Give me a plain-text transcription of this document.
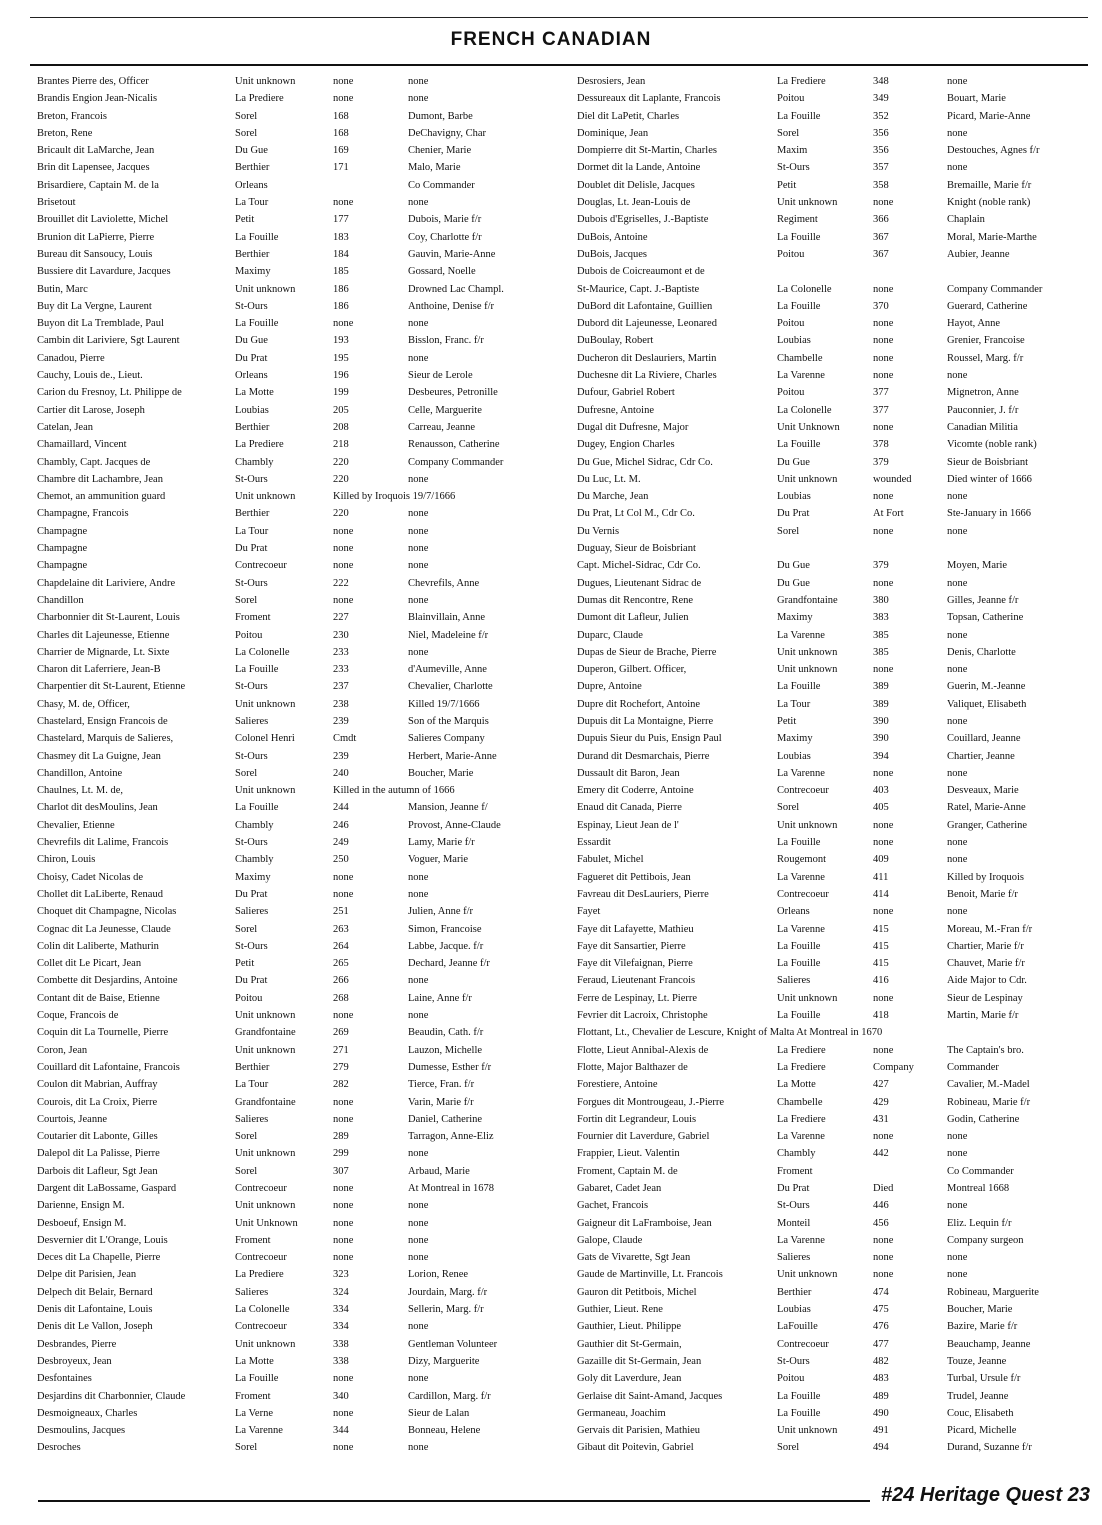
FRENCH CANADIAN
Brantes Pierre des, Officer	Unit unknown	none	none
Brandis Engion Jean-Nicalis	La Prediere	none	none
Breton, Francois	Sorel	168	Dumont, Barbe
Breton, Rene	Sorel	168	DeChavigny, Char
Bricault dit LaMarche, Jean	Du Gue	169	Chenier, Marie
Brin dit Lapensee, Jacques	Berthier	171	Malo, Marie
Brisardiere, Captain M. de la	Orleans	Co Commander
Brisetout	La Tour	none	none
Brouillet dit Laviolette, Michel	Petit	177	Dubois, Marie f/r
Brunion dit LaPierre, Pierre	La Fouille	183	Coy, Charlotte f/r
Bureau dit Sansoucy, Louis	Berthier	184	Gauvin, Marie-Anne
Bussiere dit Lavardure, Jacques	Maximy	185	Gossard, Noelle
Butin, Marc	Unit unknown	186	Drowned Lac Champl.
Buy dit La Vergne, Laurent	St-Ours	186	Anthoine, Denise f/r
Buyon dit La Tremblade, Paul	La Fouille	none	none
Cambin dit Lariviere, Sgt Laurent	Du Gue	193	Bisslon, Franc. f/r
Canadou, Pierre	Du Prat	195	none
Cauchy, Louis de., Lieut.	Orleans	196	Sieur de Lerole
Carion du Fresnoy, Lt. Philippe de	La Motte	199	Desbeures, Petronille
Cartier dit Larose, Joseph	Loubias	205	Celle, Marguerite
Catelan, Jean	Berthier	208	Carreau, Jeanne
Chamaillard, Vincent	La Prediere	218	Renausson, Catherine
Chambly, Capt. Jacques de	Chambly	220	Company Commander
Chambre dit Lachambre, Jean	St-Ours	220	none
Chemot, an ammunition guard	Unit unknown	Killed by Iroquois 19/7/1666
Champagne, Francois	Berthier	220	none
Champagne	La Tour	none	none
Champagne	Du Prat	none	none
Champagne	Contrecoeur	none	none
Chapdelaine dit Lariviere, Andre	St-Ours	222	Chevrefils, Anne
Chandillon	Sorel	none	none
Charbonnier dit St-Laurent, Louis	Froment	227	Blainvillain, Anne
Charles dit Lajeunesse, Etienne	Poitou	230	Niel, Madeleine f/r
Charrier de Mignarde, Lt. Sixte	La Colonelle	233	none
Charon dit Laferriere, Jean-B	La Fouille	233	d'Aumeville, Anne
Charpentier dit St-Laurent, Etienne	St-Ours	237	Chevalier, Charlotte
Chasy, M. de, Officer,	Unit unknown	238	Killed 19/7/1666
Chastelard, Ensign Francois de	Salieres	239	Son of the Marquis
Chastelard, Marquis de Salieres,	Colonel Henri	Cmdt	Salieres Company
Chasmey dit La Guigne, Jean	St-Ours	239	Herbert, Marie-Anne
Chandillon, Antoine	Sorel	240	Boucher, Marie
Chaulnes, Lt. M. de,	Unit unknown	Killed in the autumn of 1666
Charlot dit desMoulins, Jean	La Fouille	244	Mansion, Jeanne f/
Chevalier, Etienne	Chambly	246	Provost, Anne-Claude
Chevrefils dit Lalime, Francois	St-Ours	249	Lamy, Marie f/r
Chiron, Louis	Chambly	250	Voguer, Marie
Choisy, Cadet Nicolas de	Maximy	none	none
Chollet dit LaLiberte, Renaud	Du Prat	none	none
Choquet dit Champagne, Nicolas	Salieres	251	Julien, Anne f/r
Cognac dit La Jeunesse, Claude	Sorel	263	Simon, Francoise
Colin dit Laliberte, Mathurin	St-Ours	264	Labbe, Jacque. f/r
Collet dit Le Picart, Jean	Petit	265	Dechard, Jeanne f/r
Combette dit Desjardins, Antoine	Du Prat	266	none
Contant dit de Baise, Etienne	Poitou	268	Laine, Anne f/r
Coque, Francois de	Unit unknown	none	none
Coquin dit La Tournelle, Pierre	Grandfontaine	269	Beaudin, Cath. f/r
Coron, Jean	Unit unknown	271	Lauzon, Michelle
Couillard dit Lafontaine, Francois	Berthier	279	Dumesse, Esther f/r
Coulon dit Mabrian, Auffray	La Tour	282	Tierce, Fran. f/r
Courois, dit La Croix, Pierre	Grandfontaine	none	Varin, Marie f/r
Courtois, Jeanne	Salieres	none	Daniel, Catherine
Coutarier dit Labonte, Gilles	Sorel	289	Tarragon, Anne-Eliz
Dalepol dit La Palisse, Pierre	Unit unknown	299	none
Darbois dit Lafleur, Sgt Jean	Sorel	307	Arbaud, Marie
Dargent dit LaBossame, Gaspard	Contrecoeur	none	At Montreal in 1678
Darienne, Ensign M.	Unit unknown	none	none
Desboeuf, Ensign M.	Unit Unknown	none	none
Desvernier dit L'Orange, Louis	Froment	none	none
Deces dit La Chapelle, Pierre	Contrecoeur	none	none
Delpe dit Parisien, Jean	La Prediere	323	Lorion, Renee
Delpech dit Belair, Bernard	Salieres	324	Jourdain, Marg. f/r
Denis dit Lafontaine, Louis	La Colonelle	334	Sellerin, Marg. f/r
Denis dit Le Vallon, Joseph	Contrecoeur	334	none
Desbrandes, Pierre	Unit unknown	338	Gentleman Volunteer
Desbroyeux, Jean	La Motte	338	Dizy, Marguerite
Desfontaines	La Fouille	none	none
Desjardins dit Charbonnier, Claude	Froment	340	Cardillon, Marg. f/r
Desmoigneaux, Charles	La Verne	none	Sieur de Lalan
Desmoulins, Jacques	La Varenne	344	Bonneau, Helene
Desroches	Sorel	none	none
Desrosiers, Jean	La Frediere	348	none
Dessureaux dit Laplante, Francois	Poitou	349	Bouart, Marie
Diel dit LaPetit, Charles	La Fouille	352	Picard, Marie-Anne
Dominique, Jean	Sorel	356	none
Dompierre dit St-Martin, Charles	Maxim	356	Destouches, Agnes f/r
Dormet dit la Lande, Antoine	St-Ours	357	none
Doublet dit Delisle, Jacques	Petit	358	Bremaille, Marie f/r
Douglas, Lt. Jean-Louis de	Unit unknown	none	Knight (noble rank)
Dubois d'Egriselles, J.-Baptiste	Regiment	366	Chaplain
DuBois, Antoine	La Fouille	367	Moral, Marie-Marthe
DuBois, Jacques	Poitou	367	Aubier, Jeanne
Dubois de Coicreaumont et de
St-Maurice, Capt. J.-Baptiste	La Colonelle	none	Company Commander
DuBord dit Lafontaine, Guillien	La Fouille	370	Guerard, Catherine
Dubord dit Lajeunesse, Leonared	Poitou	none	Hayot, Anne
DuBoulay, Robert	Loubias	none	Grenier, Francoise
Ducheron dit Deslauriers, Martin	Chambelle	none	Roussel, Marg. f/r
Duchesne dit La Riviere, Charles	La Varenne	none	none
Dufour, Gabriel Robert	Poitou	377	Mignetron, Anne
Dufresne, Antoine	La Colonelle	377	Pauconnier, J. f/r
Dugal dit Dufresne, Major	Unit Unknown	none	Canadian Militia
Dugey, Engion Charles	La Fouille	378	Vicomte (noble rank)
Du Gue, Michel Sidrac, Cdr Co.	Du Gue	379	Sieur de Boisbriant
Du Luc, Lt. M.	Unit unknown	wounded	Died winter of 1666
Du Marche, Jean	Loubias	none	none
Du Prat, Lt Col M., Cdr Co.	Du Prat	At Fort	Ste-January in 1666
Du Vernis	Sorel	none	none
Duguay, Sieur de Boisbriant
Capt. Michel-Sidrac, Cdr Co.	Du Gue	379	Moyen, Marie
Dugues, Lieutenant Sidrac de	Du Gue	none	none
Dumas dit Rencontre, Rene	Grandfontaine	380	Gilles, Jeanne f/r
Dumont dit Lafleur, Julien	Maximy	383	Topsan, Catherine
Duparc, Claude	La Varenne	385	none
Dupas de Sieur de Brache, Pierre	Unit unknown	385	Denis, Charlotte
Duperon, Gilbert. Officer,	Unit unknown	none	none
Dupre, Antoine	La Fouille	389	Guerin, M.-Jeanne
Dupre dit Rochefort, Antoine	La Tour	389	Valiquet, Elisabeth
Dupuis dit La Montaigne, Pierre	Petit	390	none
Dupuis Sieur du Puis, Ensign Paul	Maximy	390	Couillard, Jeanne
Durand dit Desmarchais, Pierre	Loubias	394	Chartier, Jeanne
Dussault dit Baron, Jean	La Varenne	none	none
Emery dit Coderre, Antoine	Contrecoeur	403	Desveaux, Marie
Enaud dit Canada, Pierre	Sorel	405	Ratel, Marie-Anne
Espinay, Lieut Jean de l'	Unit unknown	none	Granger, Catherine
Essardit	La Fouille	none	none
Fabulet, Michel	Rougemont	409	none
Fagueret dit Pettibois, Jean	La Varenne	411	Killed by Iroquois
Favreau dit DesLauriers, Pierre	Contrecoeur	414	Benoit, Marie f/r
Fayet	Orleans	none	none
Faye dit Lafayette, Mathieu	La Varenne	415	Moreau, M.-Fran f/r
Faye dit Sansartier, Pierre	La Fouille	415	Chartier, Marie f/r
Faye dit Vilefaignan, Pierre	La Fouille	415	Chauvet, Marie f/r
Feraud, Lieutenant Francois	Salieres	416	Aide Major to Cdr.
Ferre de Lespinay, Lt. Pierre	Unit unknown	none	Sieur de Lespinay
Fevrier dit Lacroix, Christophe	La Fouille	418	Martin, Marie f/r
Flottant, Lt., Chevalier de Lescure, Knight of Malta At Montreal in 1670
Flotte, Lieut Annibal-Alexis de	La Frediere	none	The Captain's bro.
Flotte, Major Balthazer de	La Frediere	Company	Commander
Forestiere, Antoine	La Motte	427	Cavalier, M.-Madel
Forgues dit Montrougeau, J.-Pierre	Chambelle	429	Robineau, Marie f/r
Fortin dit Legrandeur, Louis	La Frediere	431	Godin, Catherine
Fournier dit Laverdure, Gabriel	La Varenne	none	none
Frappier, Lieut. Valentin	Chambly	442	none
Froment, Captain M. de	Froment	Co Commander
Gabaret, Cadet Jean	Du Prat	Died	Montreal 1668
Gachet, Francois	St-Ours	446	none
Gaigneur dit LaFramboise, Jean	Monteil	456	Eliz. Lequin f/r
Galope, Claude	La Varenne	none	Company surgeon
Gats de Vivarette, Sgt Jean	Salieres	none	none
Gaude de Martinville, Lt. Francois	Unit unknown	none	none
Gauron dit Petitbois, Michel	Berthier	474	Robineau, Marguerite
Guthier, Lieut. Rene	Loubias	475	Boucher, Marie
Gauthier, Lieut. Philippe	LaFouille	476	Bazire, Marie f/r
Gauthier dit St-Germain,	Contrecoeur	477	Beauchamp, Jeanne
Gazaille dit St-Germain, Jean	St-Ours	482	Touze, Jeanne
Goly dit Laverdure, Jean	Poitou	483	Turbal, Ursule f/r
Gerlaise dit Saint-Amand, Jacques	La Fouille	489	Trudel, Jeanne
Germaneau, Joachim	La Fouille	490	Couc, Elisabeth
Gervais dit Parisien, Mathieu	Unit unknown	491	Picard, Michelle
Gibaut dit Poitevin, Gabriel	Sorel	494	Durand, Suzanne f/r
#24 Heritage Quest 23
